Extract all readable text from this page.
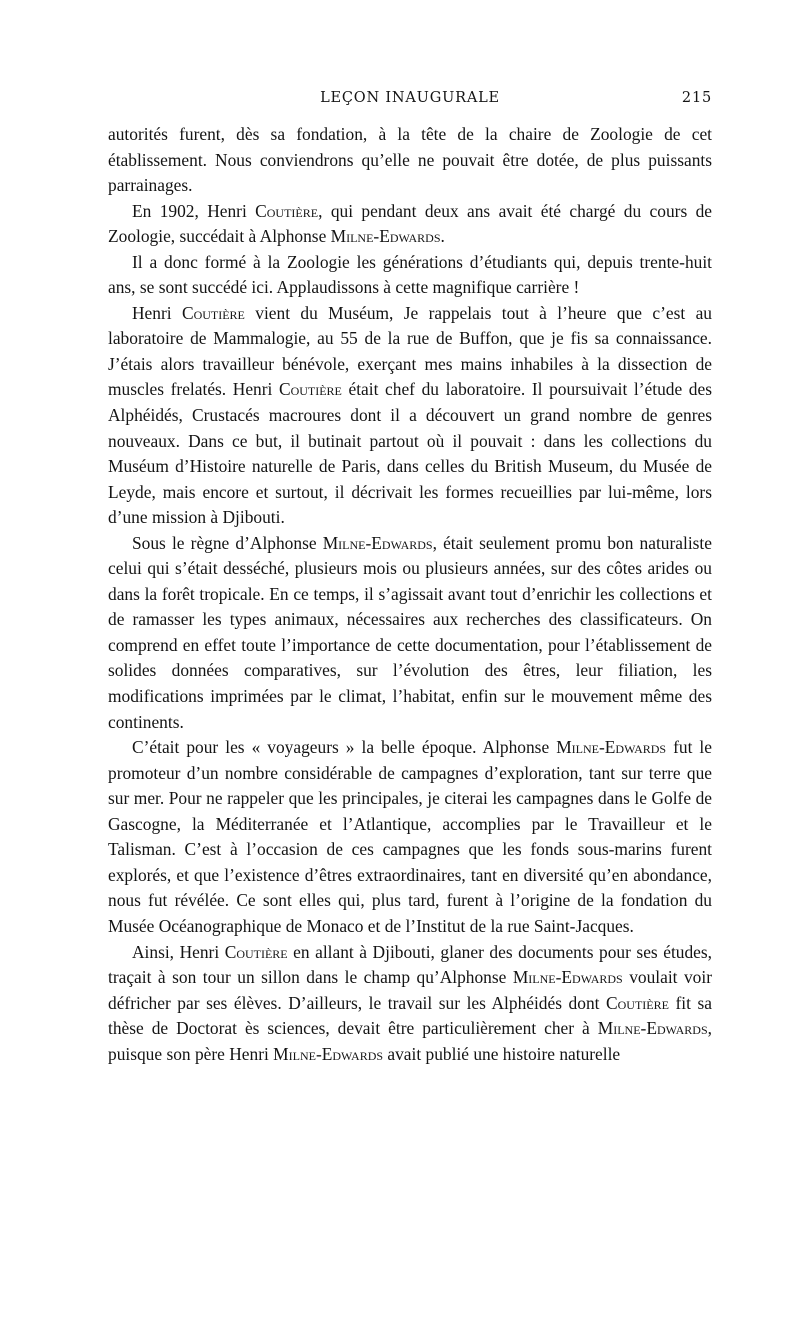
LEÇON INAUGURALE	215

autorités furent, dès sa fondation, à la tête de la chaire de Zoologie de cet établissement. Nous conviendrons qu’elle ne pouvait être dotée, de plus puissants parrainages.

En 1902, Henri Coutière, qui pendant deux ans avait été chargé du cours de Zoologie, succédait à Alphonse Milne-Edwards.

Il a donc formé à la Zoologie les générations d’étudiants qui, depuis trente-huit ans, se sont succédé ici. Applaudissons à cette magnifique carrière !

Henri Coutière vient du Muséum, Je rappelais tout à l’heure que c’est au laboratoire de Mammalogie, au 55 de la rue de Buffon, que je fis sa connaissance. J’étais alors travailleur bénévole, exerçant mes mains inhabiles à la dissection de muscles frelatés. Henri Coutière était chef du laboratoire. Il poursuivait l’étude des Alphéidés, Crustacés macroures dont il a découvert un grand nombre de genres nouveaux. Dans ce but, il butinait partout où il pouvait : dans les collections du Muséum d’Histoire naturelle de Paris, dans celles du British Museum, du Musée de Leyde, mais encore et surtout, il décrivait les formes recueillies par lui-même, lors d’une mission à Djibouti.

Sous le règne d’Alphonse Milne-Edwards, était seulement promu bon naturaliste celui qui s’était desséché, plusieurs mois ou plusieurs années, sur des côtes arides ou dans la forêt tropicale. En ce temps, il s’agissait avant tout d’enrichir les collections et de ramasser les types animaux, nécessaires aux recherches des classificateurs. On comprend en effet toute l’importance de cette documentation, pour l’établissement de solides données comparatives, sur l’évolution des êtres, leur filiation, les modifications imprimées par le climat, l’habitat, enfin sur le mouvement même des continents.

C’était pour les « voyageurs » la belle époque. Alphonse Milne-Edwards fut le promoteur d’un nombre considérable de campagnes d’exploration, tant sur terre que sur mer. Pour ne rappeler que les principales, je citerai les campagnes dans le Golfe de Gascogne, la Méditerranée et l’Atlantique, accomplies par le Travailleur et le Talisman. C’est à l’occasion de ces campagnes que les fonds sous-marins furent explorés, et que l’existence d’êtres extraordinaires, tant en diversité qu’en abondance, nous fut révélée. Ce sont elles qui, plus tard, furent à l’origine de la fondation du Musée Océanographique de Monaco et de l’Institut de la rue Saint-Jacques.

Ainsi, Henri Coutière en allant à Djibouti, glaner des documents pour ses études, traçait à son tour un sillon dans le champ qu’Alphonse Milne-Edwards voulait voir défricher par ses élèves. D’ailleurs, le travail sur les Alphéidés dont Coutière fit sa thèse de Doctorat ès sciences, devait être particulièrement cher à Milne-Edwards, puisque son père Henri Milne-Edwards avait publié une histoire naturelle
